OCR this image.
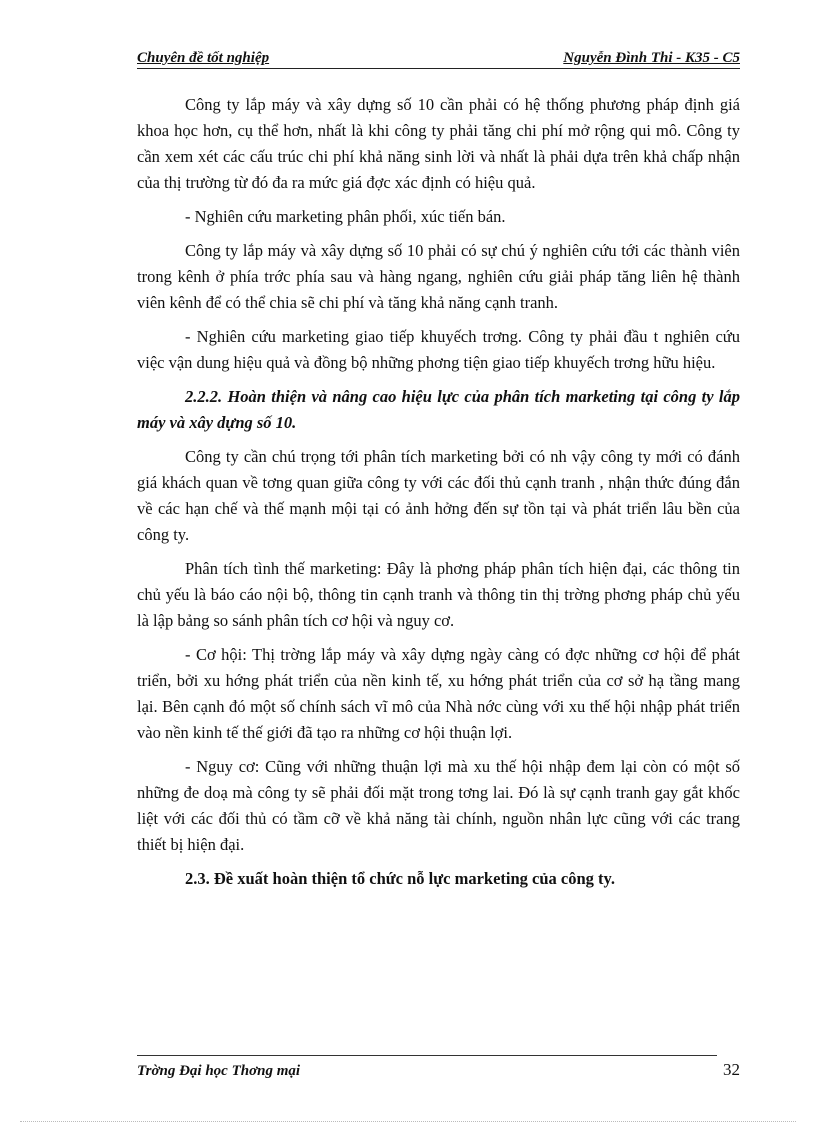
Chuyên đề tốt nghiệp	Nguyễn Đình Thi - K35 - C5

Công ty lắp máy và xây dựng số 10 cần phải có hệ thống phương pháp định giá khoa học hơn, cụ thể hơn, nhất là khi công ty phải tăng chi phí mở rộng qui mô. Công ty cần xem xét các cấu trúc chi phí khả năng sinh lời và nhất là phải dựa trên khả chấp nhận của thị trường từ đó đa ra mức giá đợc xác định có hiệu quả.

- Nghiên cứu marketing phân phối, xúc tiến bán.

Công ty lắp máy và xây dựng số 10 phải có sự chú ý nghiên cứu tới các thành viên trong kênh ở phía trớc phía sau và hàng ngang, nghiên cứu giải pháp tăng liên hệ thành viên kênh để có thể chia sẽ chi phí và tăng khả năng cạnh tranh.

- Nghiên cứu marketing giao tiếp khuyếch trơng. Công ty phải đầu t nghiên cứu việc vận dung hiệu quả và đồng bộ những phơng tiện giao tiếp khuyếch trơng hữu hiệu.

2.2.2. Hoàn thiện và nâng cao hiệu lực của phân tích marketing tại công ty lắp máy và xây dựng số 10.

Công ty cần chú trọng tới phân tích marketing bởi có nh vậy công ty mới có đánh giá khách quan về tơng quan giữa công ty với các đối thủ cạnh tranh , nhận thức đúng đắn về các hạn chế và thế mạnh mội tại có ảnh hởng đến sự tồn tại và phát triển lâu bền của công ty.

Phân tích tình thế marketing: Đây là phơng pháp phân tích hiện đại, các thông tin chủ yếu là báo cáo nội bộ, thông tin cạnh tranh và thông tin thị trờng phơng pháp chủ yếu là lập bảng so sánh phân tích cơ hội và nguy cơ.

- Cơ hội: Thị trờng lắp máy và xây dựng ngày càng có đợc những cơ hội để phát triển, bởi xu hớng phát triển của nền kinh tế, xu hớng phát triển của cơ sở hạ tầng mang lại. Bên cạnh đó một số chính sách vĩ mô của Nhà nớc cùng với xu thế hội nhập phát triển vào nền kinh tế thế giới đã tạo ra những cơ hội thuận lợi.

- Nguy cơ: Cũng với những thuận lợi mà xu thế hội nhập đem lại còn có một số những đe doạ mà công ty sẽ phải đối mặt trong tơng lai. Đó là sự cạnh tranh gay gắt khốc liệt với các đối thủ có tầm cỡ về khả năng tài chính, nguồn nhân lực cũng với các trang thiết bị hiện đại.

2.3. Đề xuất hoàn thiện tổ chức nỗ lực marketing của công ty.

Trờng Đại học Thơng mại	32
